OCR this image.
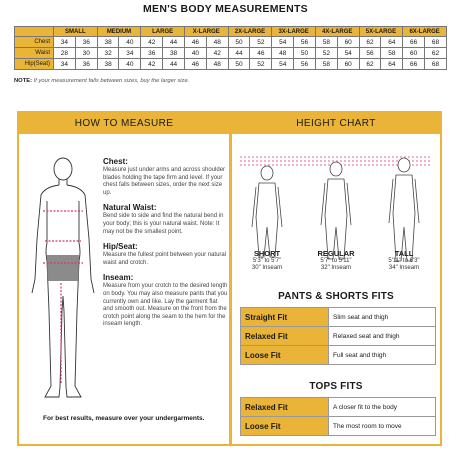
MEN'S BODY MEASUREMENTS
	SMALL		MEDIUM		LARGE		X-LARGE		2X-LARGE		3X-LARGE		4X-LARGE		5X-LARGE		6X-LARGE	
Chest	34	36	38	40	42	44	46	48	50	52	54	56	58	60	62	64	66	68
Waist	28	30	32	34	36	38	40	42	44	46	48	50	52	54	56	58	60	62
Hip(Seat)	34	36	38	40	42	44	46	48	50	52	54	56	58	60	62	64	66	68
NOTE: If your measurement falls between sizes, buy the larger size.
HOW TO MEASURE
Chest:
Measure just under arms and across shoulder blades holding the tape firm and level. If your chest falls between sizes, order the next size up.
Natural Waist:
Bend side to side and find the natural bend in your body; this is your natural waist. Note: It may not be the smallest point.
Hip/Seat:
Measure the fullest point between your natural waist and crotch.
Inseam:
Measure from your crotch to the desired length on body. You may also measure pants that you currently own and like. Lay the garment flat and smooth out. Measure on the front from the crotch point along the seam to the hem for the inseam length.
For best results, measure over your undergarments.
HEIGHT CHART
SHORT
5'3" to 5'7"
30" Inseam
REGULAR
5'7" to 5'11"
32" Inseam
TALL
5'11" to 6'3"
34" Inseam
PANTS & SHORTS FITS
Straight Fit	Slim seat and thigh
Relaxed Fit	Relaxed seat and thigh
Loose Fit	Full seat and thigh
TOPS FITS
Relaxed Fit	A closer fit to the body
Loose Fit	The most room to move
